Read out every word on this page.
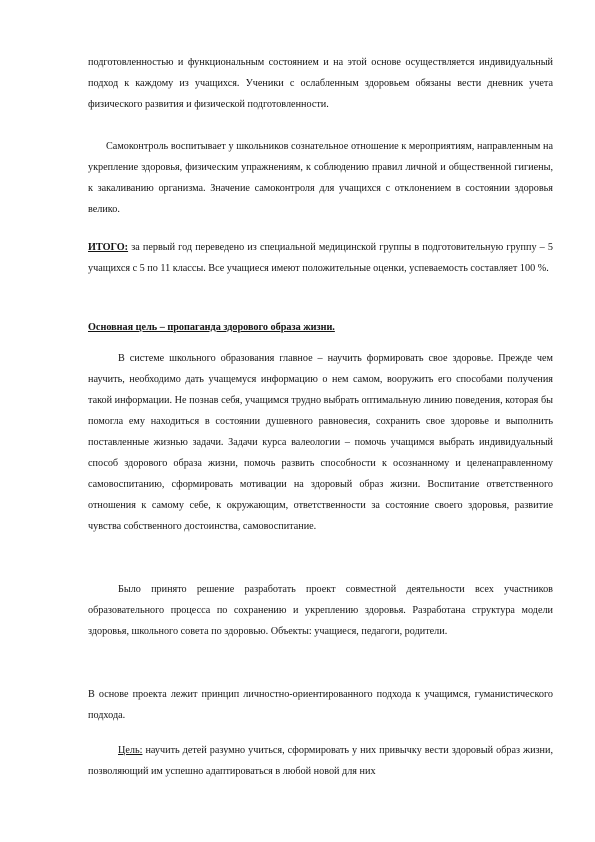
подготовленностью и функциональным состоянием и на этой основе осуществляется индивидуальный подход к каждому из учащихся. Ученики с ослабленным здоровьем обязаны вести дневник учета физического развития и физической подготовленности.

Самоконтроль воспитывает у школьников сознательное отношение к мероприятиям, направленным на укрепление здоровья, физическим упражнениям, к соблюдению правил личной и общественной гигиены, к закаливанию организма. Значение самоконтроля для учащихся с отклонением в состоянии здоровья велико.

ИТОГО: за первый год переведено из специальной медицинской группы в подготовительную группу – 5 учащихся с 5 по 11 классы. Все учащиеся имеют положительные оценки, успеваемость составляет 100 %.

Основная цель – пропаганда здорового образа жизни.

В системе школьного образования главное – научить формировать свое здоровье. Прежде чем научить, необходимо дать учащемуся информацию о нем самом, вооружить его способами получения такой информации. Не познав себя, учащимся трудно выбрать оптимальную линию поведения, которая бы помогла ему находиться в состоянии душевного равновесия, сохранить свое здоровье и выполнить поставленные жизнью задачи. Задачи курса валеологии – помочь учащимся выбрать индивидуальный способ здорового образа жизни, помочь развить способности к осознанному и целенаправленному самовоспитанию, сформировать мотивации на здоровый образ жизни. Воспитание ответственного отношения к самому себе, к окружающим, ответственности за состояние своего здоровья, развитие чувства собственного достоинства, самовоспитание.

Было принято решение разработать проект совместной деятельности всех участников образовательного процесса по сохранению и укреплению здоровья. Разработана структура модели здоровья, школьного совета по здоровью. Объекты: учащиеся, педагоги, родители.

В основе проекта лежит принцип личностно-ориентированного подхода к учащимся, гуманистического подхода.

Цель: научить детей разумно учиться, сформировать у них привычку вести здоровый образ жизни, позволяющий им успешно адаптироваться в любой новой для них
